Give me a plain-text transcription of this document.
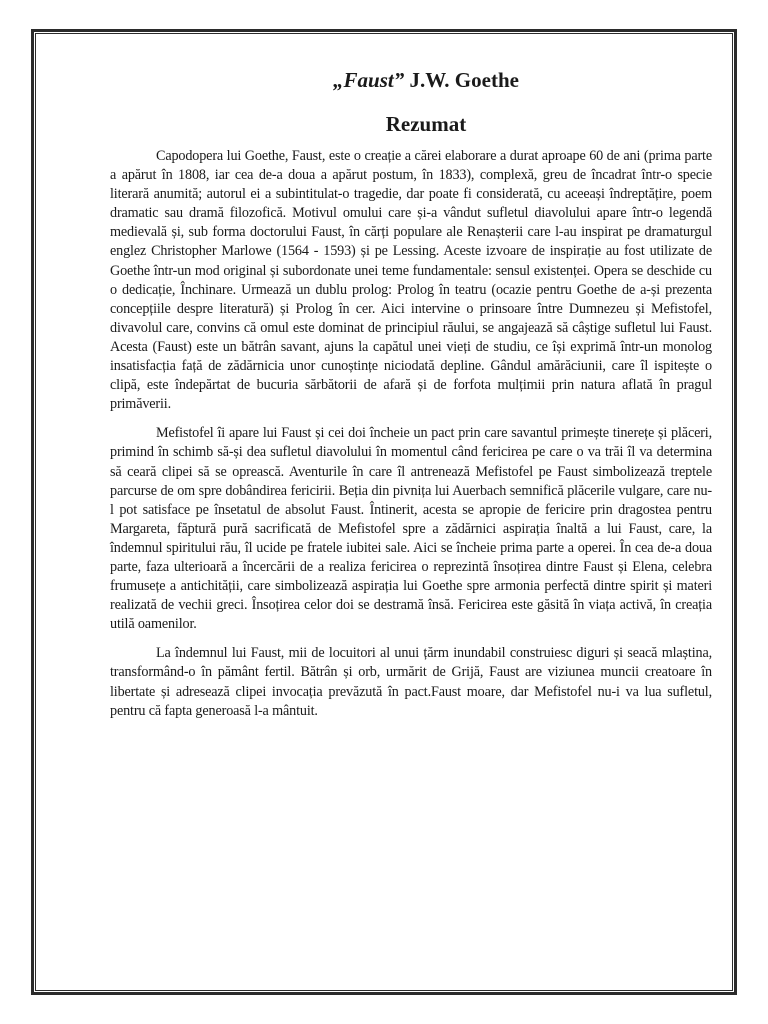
„Faust” J.W. Goethe
Rezumat

Capodopera lui Goethe, Faust, este o creație a cărei elaborare a durat aproape 60 de ani (prima parte a apărut în 1808, iar cea de-a doua a apărut postum, în 1833), complexă, greu de încadrat într-o specie literară anumită; autorul ei a subintitulat-o tragedie, dar poate fi considerată, cu aceeași îndreptățire, poem dramatic sau dramă filozofică. Motivul omului care și-a vândut sufletul diavolului apare într-o legendă medievală și, sub forma doctorului Faust, în cărți populare ale Renașterii care l-au inspirat pe dramaturgul englez Christopher Marlowe (1564 - 1593) și pe Lessing. Aceste izvoare de inspirație au fost utilizate de Goethe într-un mod original și subordonate unei teme fundamentale: sensul existenței. Opera se deschide cu o dedicație, Închinare. Urmează un dublu prolog: Prolog în teatru (ocazie pentru Goethe de a-și prezenta concepțiile despre literatură) și Prolog în cer. Aici intervine o prinsoare între Dumnezeu și Mefistofel, divavolul care, convins că omul este dominat de principiul răului, se angajează să câștige sufletul lui Faust. Acesta (Faust) este un bătrân savant, ajuns la capătul unei vieți de studiu, ce își exprimă într-un monolog insatisfacția față de zădărnicia unor cunoștințe niciodată depline. Gândul amărăciunii, care îl ispitește o clipă, este îndepărtat de bucuria sărbătorii de afară și de forfota mulțimii prin natura aflată în pragul primăverii.

Mefistofel îi apare lui Faust și cei doi încheie un pact prin care savantul primește tinerețe și plăceri, primind în schimb să-și dea sufletul diavolului în momentul când fericirea pe care o va trăi îl va determina să ceară clipei să se oprească. Aventurile în care îl antrenează Mefistofel pe Faust simbolizează treptele parcurse de om spre dobândirea fericirii. Beția din pivnița lui Auerbach semnifică plăcerile vulgare, care nu-l pot satisface pe însetatul de absolut Faust. Întinerit, acesta se apropie de fericire prin dragostea pentru Margareta, făptură pură sacrificată de Mefistofel spre a zădărnici aspirația înaltă a lui Faust, care, la îndemnul spiritului rău, îl ucide pe fratele iubitei sale. Aici se încheie prima parte a operei. În cea de-a doua parte, faza ulterioară a încercării de a realiza fericirea o reprezintă însoțirea dintre Faust și Elena, celebra frumusețe a antichității, care simbolizează aspirația lui Goethe spre armonia perfectă dintre spirit și materi realizată de vechii greci. Însoțirea celor doi se destramă însă. Fericirea este găsită în viața activă, în creația utilă oamenilor.

La îndemnul lui Faust, mii de locuitori al unui țărm inundabil construiesc diguri și seacă mlaștina, transformând-o în pământ fertil. Bătrân și orb, urmărit de Grijă, Faust are viziunea muncii creatoare în libertate și adresează clipei invocația prevăzută în pact.Faust moare, dar Mefistofel nu-i va lua sufletul, pentru că fapta generoasă l-a mântuit.
